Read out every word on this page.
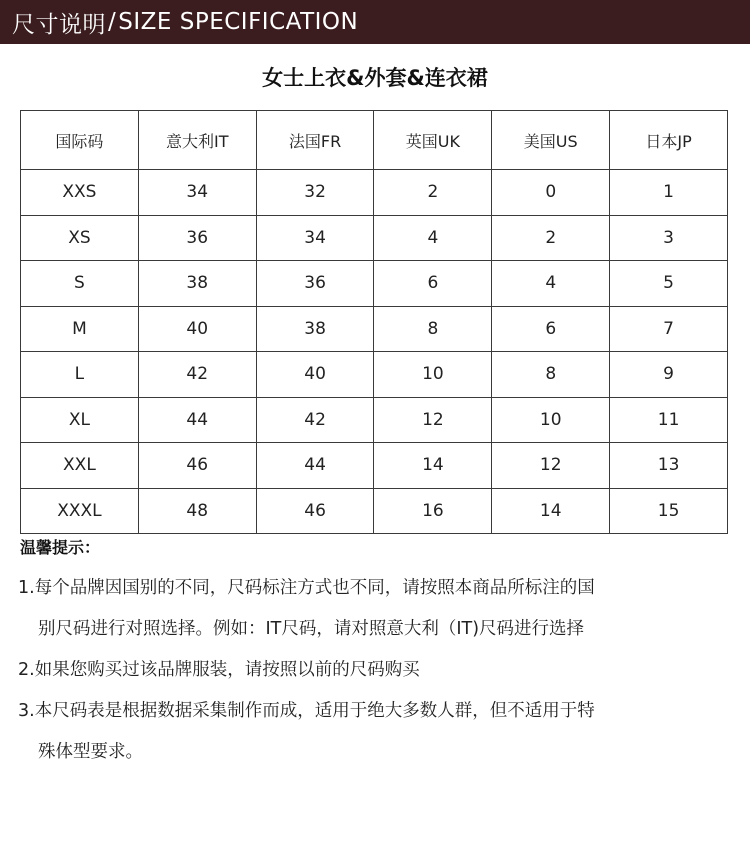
尺寸说明 / SIZE SPECIFICATION
女士上衣&外套&连衣裙
国际码	意大利IT	法国FR	英国UK	美国US	日本JP
XXS	34	32	2	0	1
XS	36	34	4	2	3
S	38	36	6	4	5
M	40	38	8	6	7
L	42	40	10	8	9
XL	44	42	12	10	11
XXL	46	44	14	12	13
XXXL	48	46	16	14	15
温馨提示：
1.每个品牌因国别的不同，尺码标注方式也不同，请按照本商品所标注的国
别尺码进行对照选择。例如：IT尺码，请对照意大利（IT)尺码进行选择
2.如果您购买过该品牌服装，请按照以前的尺码购买
3.本尺码表是根据数据采集制作而成，适用于绝大多数人群，但不适用于特
殊体型要求。
